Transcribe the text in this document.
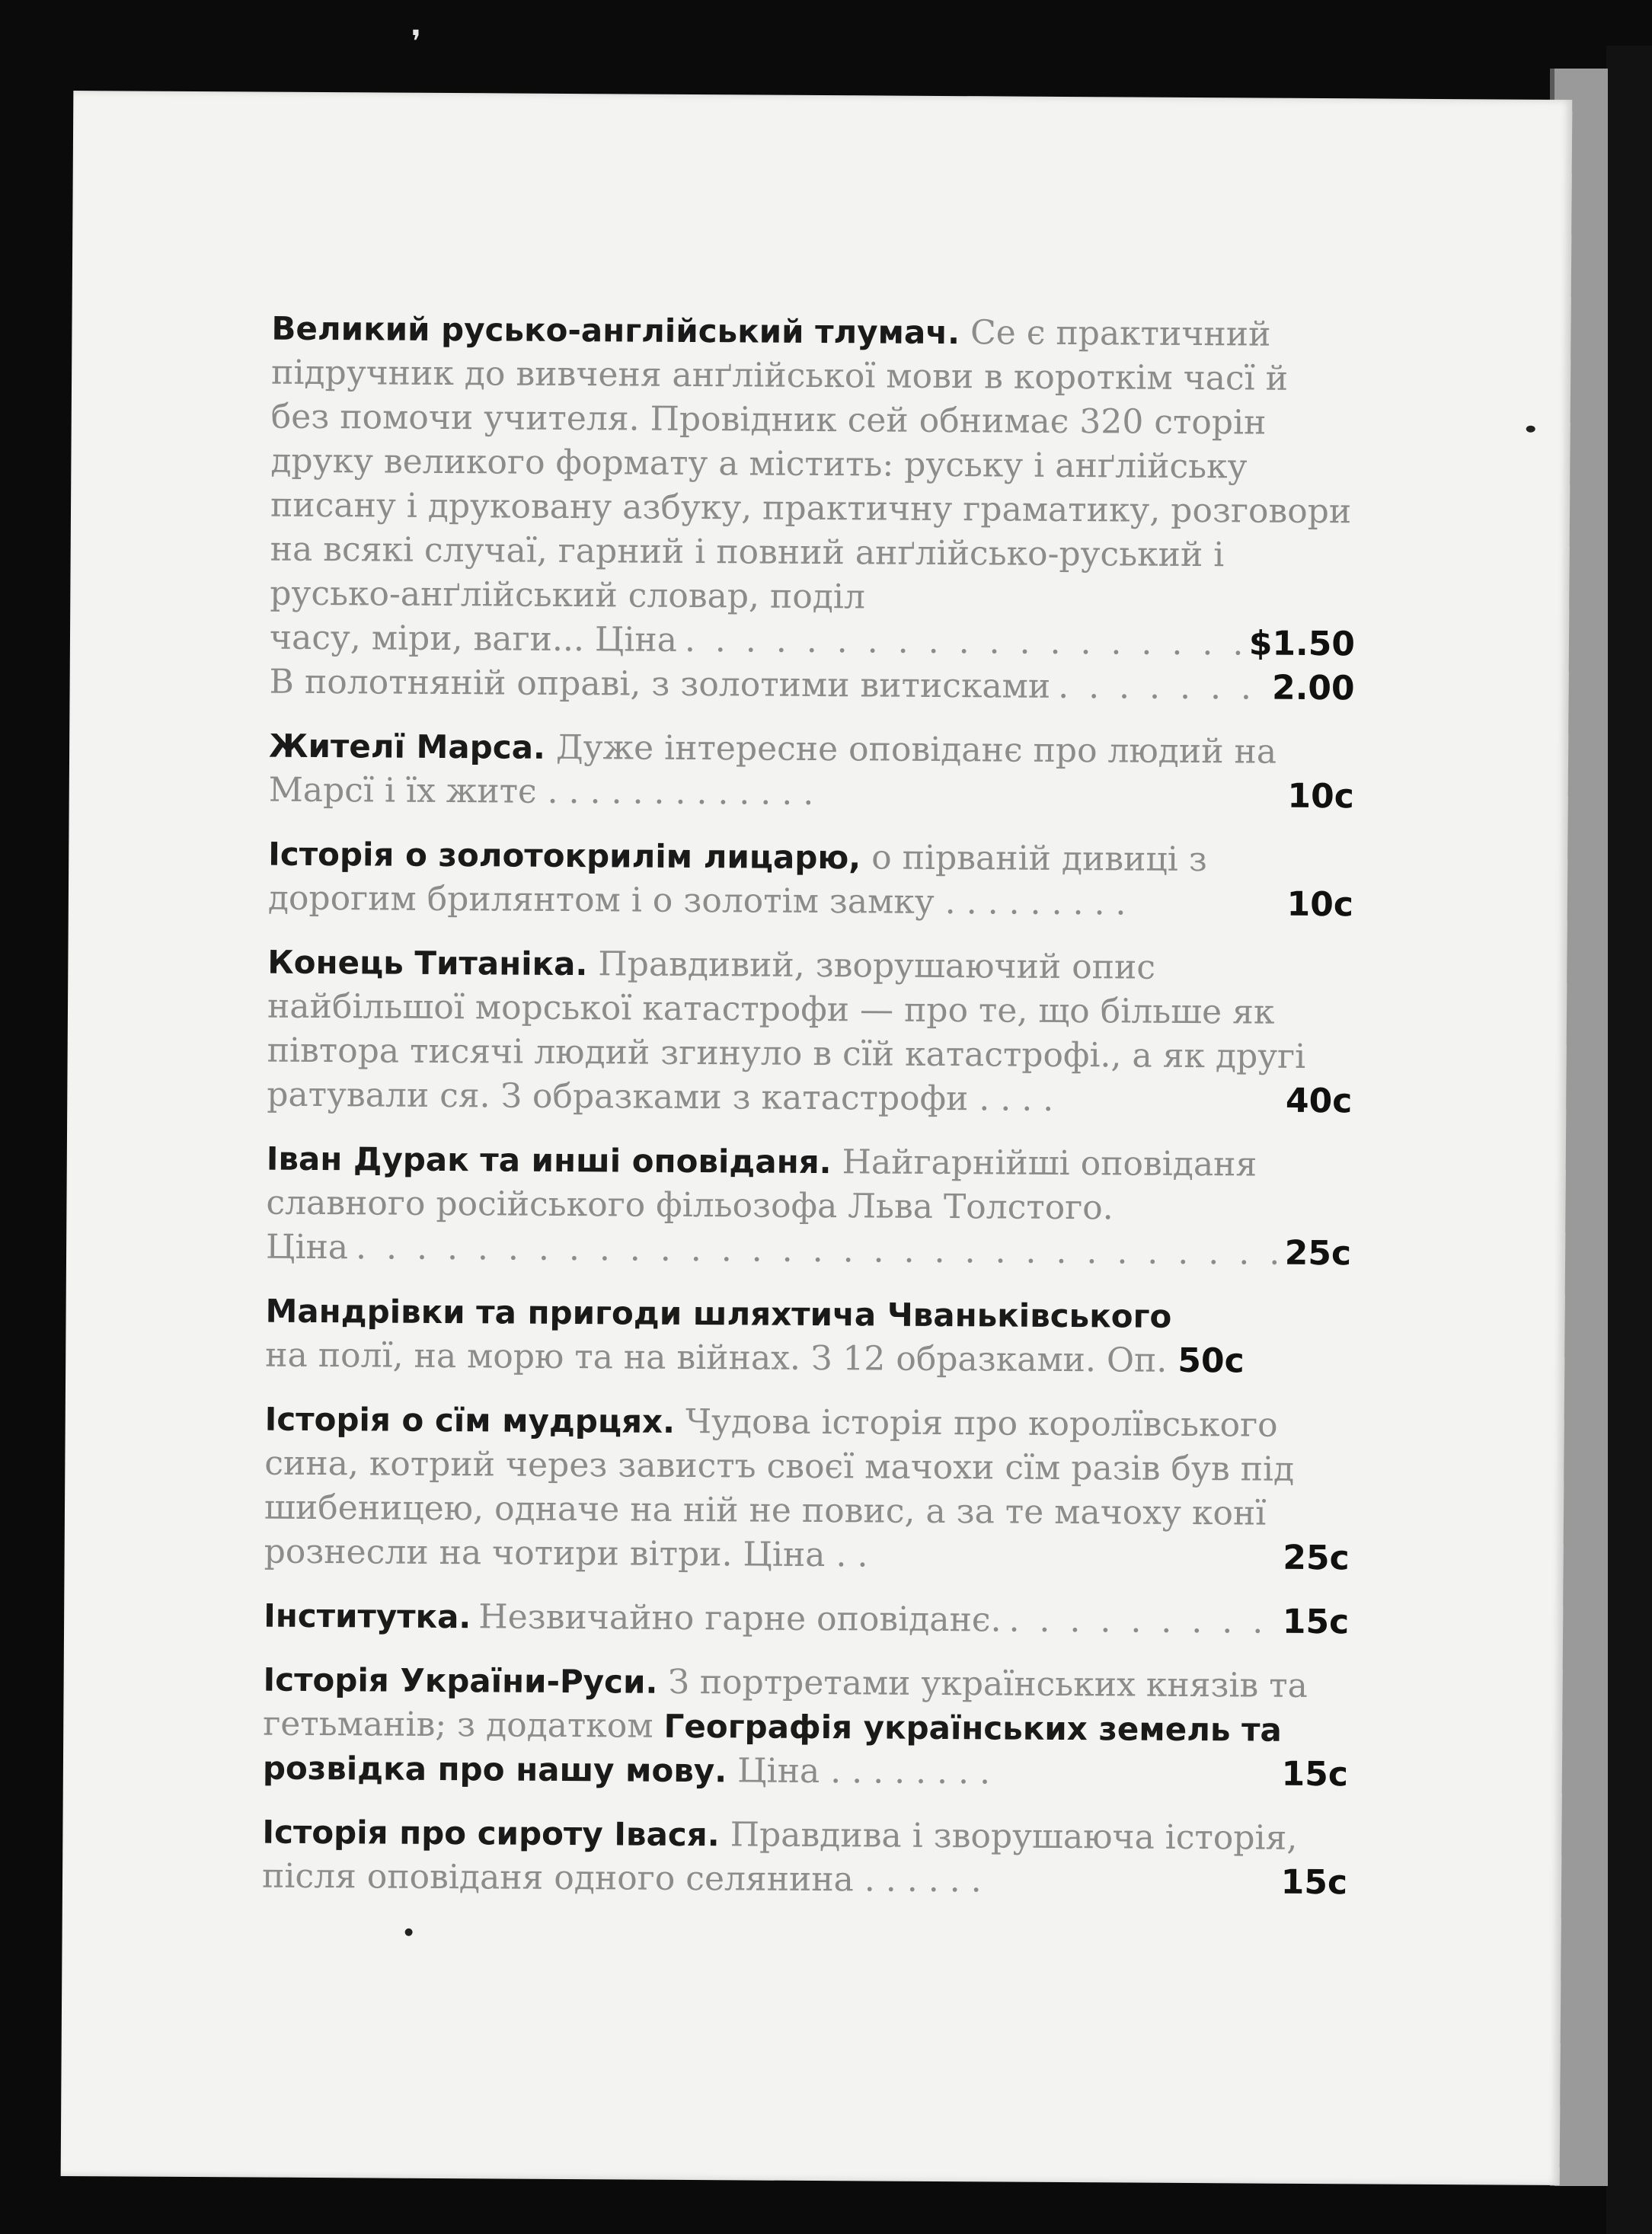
❜

Великий русько-англійський тлумач. Се є практичний підручник до вивченя анґлійської мови в короткім часї й без помочи учителя. Провідник сей обнимає 320 сторін друку великого формату а містить: руську і анґлійську писану і друковану азбуку, практичну граматику, розговори на всякі случаї, гарний і повний анґлійсько-руський і русько-анґлійський словар, поділ

часу, міри, ваги... Ціна . . .	$1.50
В полотняній оправі, з золотими витисками . . .	2.00
Жителї Марса. Дуже інтересне оповіданє про людий на Марсї і їх житє . . . . . . . . . . . . .	10c
Історія о золотокрилім лицарю, о пірваній дивиці з дорогим брилянтом і о золотім замку . . . . . . . . .	10c
Конець Титаніка. Правдивий, зворушаючий опис найбільшої морської катастрофи — про те, що більше як півтора тисячі людий згинуло в сїй катастрофі., а як другі ратували ся. З образками з катастрофи . . . .	40c

Іван Дурак та инші оповіданя. Найгарнійші оповіданя славного російського фільозофа Льва Толстого.

Ціна . . .	25c

Мандрівки та пригоди шляхтича Чваньківського

на полї, на морю та на війнах. З 12 образками. Оп. 50c
Історія о сїм мудрцях. Чудова історія про королївського сина, котрий через завистъ своєї мачохи сїм разів був під шибеницею, одначе на ній не повис, а за те мачоху конї рознесли на чотири вітри. Ціна . .	25c
Інститутка. Незвичайно гарне оповіданє. . . .	15c
Історія України-Руси. З портретами українських князів та гетьманів; з додатком Географія українських земель та розвідка про нашу мову. Ціна . . . . . . . .	15c
Історія про сироту Івася. Правдива і зворушаюча історія, після оповіданя одного селянина . . . . . .	15c
